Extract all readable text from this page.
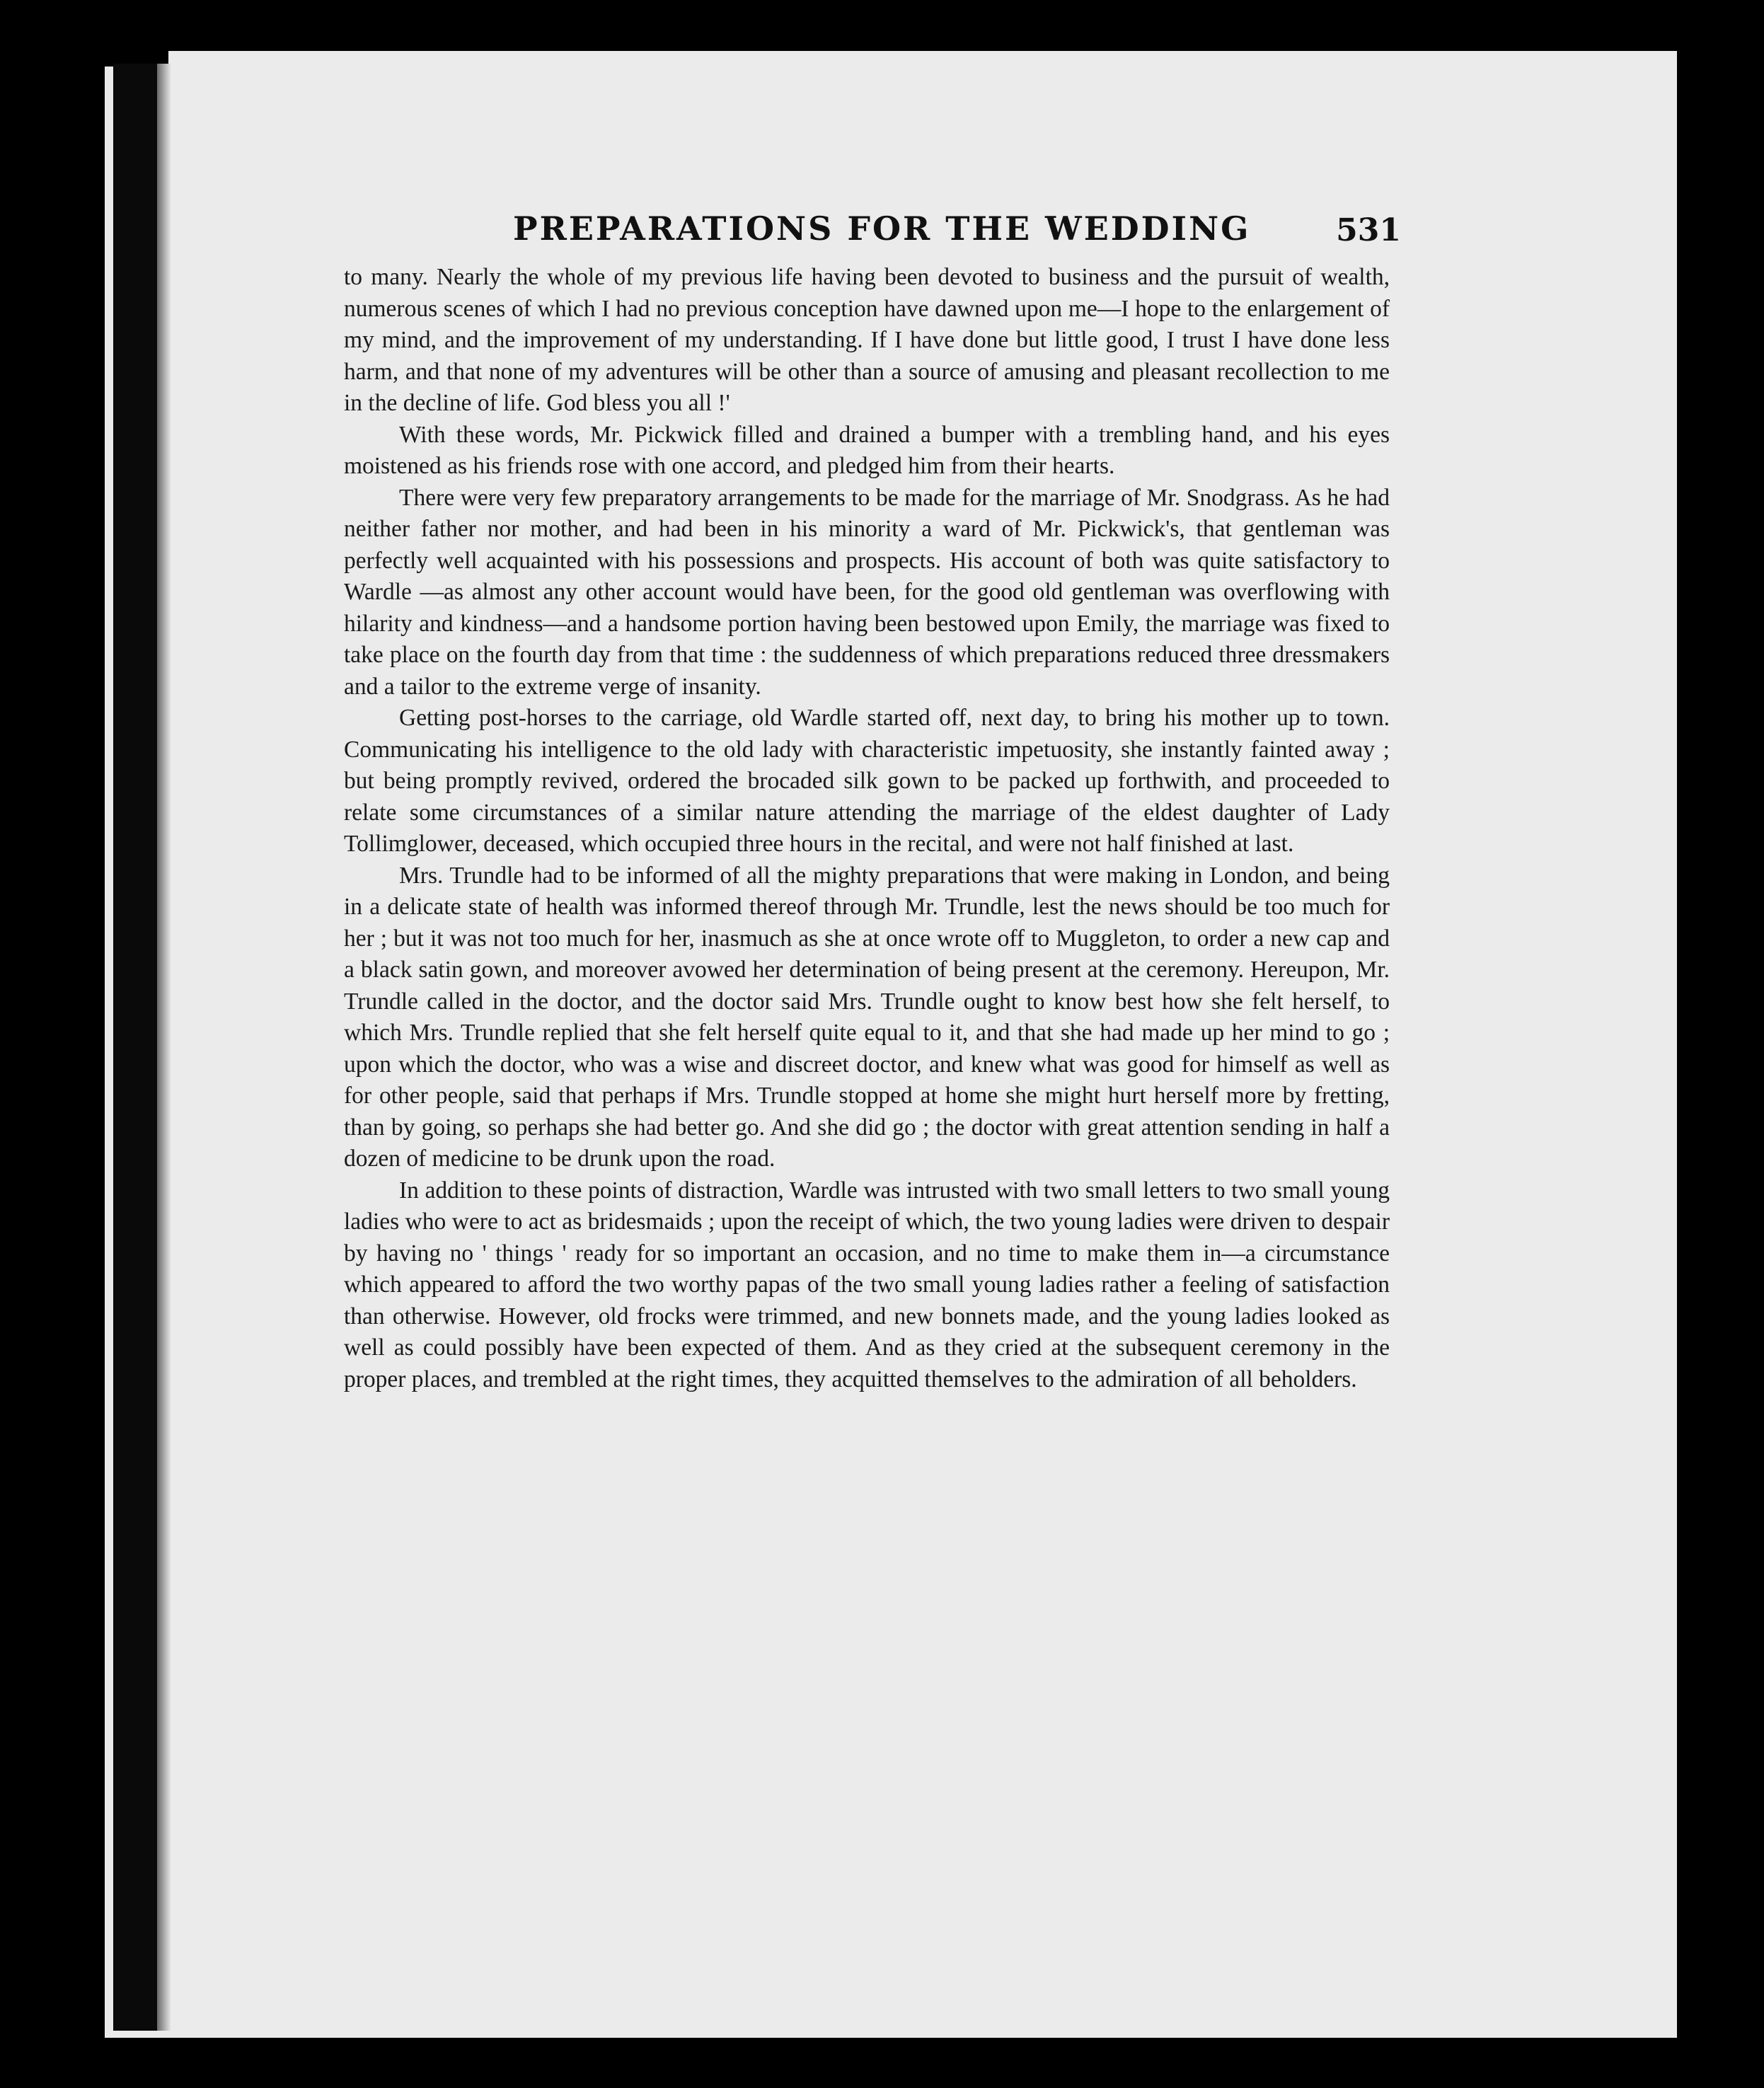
PREPARATIONS FOR THE WEDDING	531

to many. Nearly the whole of my previous life having been devoted to business and the pursuit of wealth, numerous scenes of which I had no previous conception have dawned upon me—I hope to the enlargement of my mind, and the improvement of my understanding. If I have done but little good, I trust I have done less harm, and that none of my adventures will be other than a source of amusing and pleasant recollection to me in the decline of life. God bless you all !'

With these words, Mr. Pickwick filled and drained a bumper with a trembling hand, and his eyes moistened as his friends rose with one accord, and pledged him from their hearts.

There were very few preparatory arrangements to be made for the marriage of Mr. Snodgrass. As he had neither father nor mother, and had been in his minority a ward of Mr. Pickwick's, that gentleman was perfectly well acquainted with his possessions and prospects. His account of both was quite satisfactory to Wardle —as almost any other account would have been, for the good old gentleman was overflowing with hilarity and kindness—and a handsome portion having been bestowed upon Emily, the marriage was fixed to take place on the fourth day from that time : the suddenness of which preparations reduced three dressmakers and a tailor to the extreme verge of insanity.

Getting post-horses to the carriage, old Wardle started off, next day, to bring his mother up to town. Communicating his intelligence to the old lady with characteristic impetuosity, she instantly fainted away ; but being promptly revived, ordered the brocaded silk gown to be packed up forthwith, and proceeded to relate some circumstances of a similar nature attending the marriage of the eldest daughter of Lady Tollimglower, deceased, which occupied three hours in the recital, and were not half finished at last.

Mrs. Trundle had to be informed of all the mighty preparations that were making in London, and being in a delicate state of health was informed thereof through Mr. Trundle, lest the news should be too much for her ; but it was not too much for her, inasmuch as she at once wrote off to Muggleton, to order a new cap and a black satin gown, and moreover avowed her determination of being present at the ceremony. Hereupon, Mr. Trundle called in the doctor, and the doctor said Mrs. Trundle ought to know best how she felt herself, to which Mrs. Trundle replied that she felt herself quite equal to it, and that she had made up her mind to go ; upon which the doctor, who was a wise and discreet doctor, and knew what was good for himself as well as for other people, said that perhaps if Mrs. Trundle stopped at home she might hurt herself more by fretting, than by going, so perhaps she had better go. And she did go ; the doctor with great attention sending in half a dozen of medicine to be drunk upon the road.

In addition to these points of distraction, Wardle was intrusted with two small letters to two small young ladies who were to act as bridesmaids ; upon the receipt of which, the two young ladies were driven to despair by having no ' things ' ready for so important an occasion, and no time to make them in—a circumstance which appeared to afford the two worthy papas of the two small young ladies rather a feeling of satisfaction than otherwise. However, old frocks were trimmed, and new bonnets made, and the young ladies looked as well as could possibly have been expected of them. And as they cried at the subsequent ceremony in the proper places, and trembled at the right times, they acquitted themselves to the admiration of all beholders.
